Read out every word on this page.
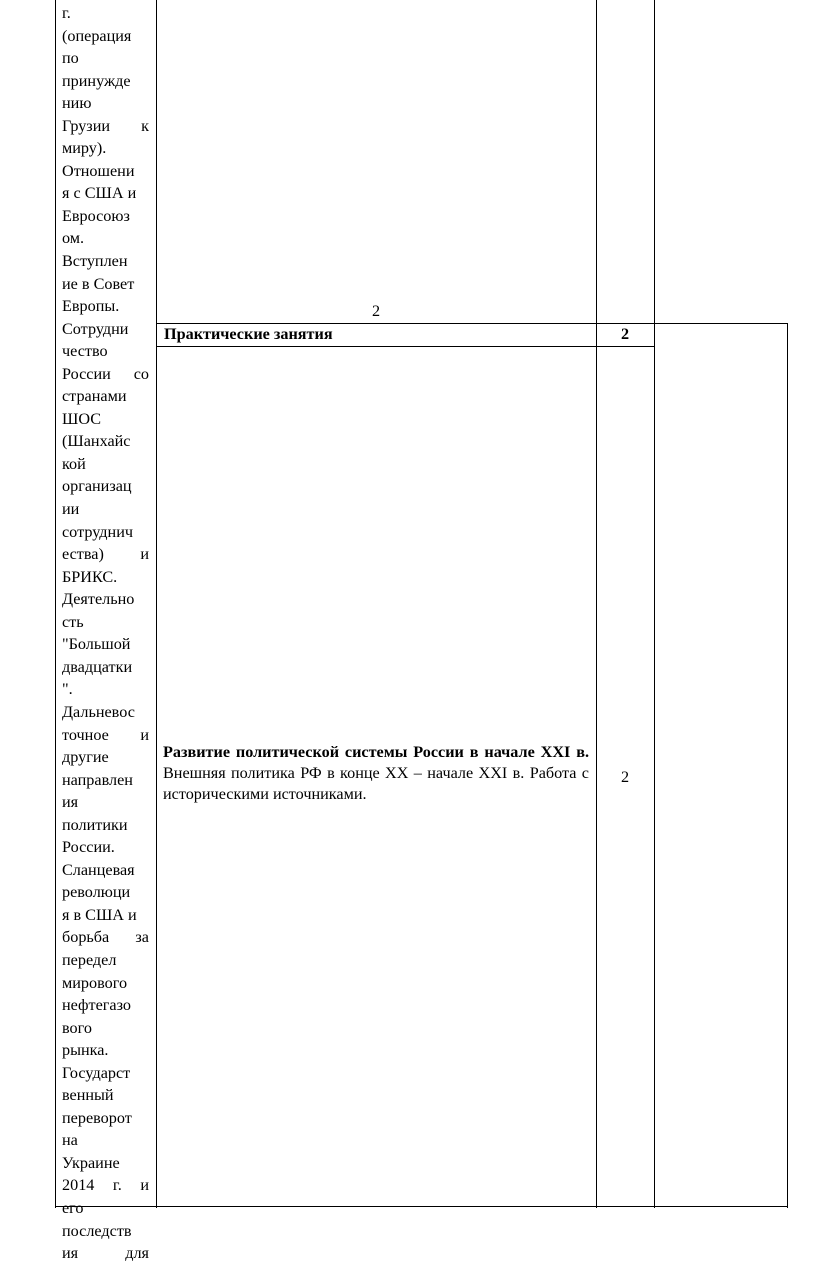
г.
(операция
по
принужде
нию
Грузии к
миру).
Отношени
я с США и
Евросоюз
ом.
Вступлен
ие в Совет
Европы.
Сотрудни
чество
России со
странами
ШОС
(Шанхайс
кой
организац
ии
сотруднич
ества) и
БРИКС.
Деятельно
сть
"Большой
двадцатки
".
Дальневос
точное и
другие
направлен
ия
политики
России.
Сланцевая
революци
я в США и
борьба за
передел
мирового
нефтегазо
вого
рынка.
Государст
венный
переворот
на
Украине
2014 г. и
его
последств
ия для
2
Практические занятия	2
Развитие политической системы России в начале XXI в. Внешняя политика РФ в конце XX – начале XXI в. Работа с историческими источниками.
2
